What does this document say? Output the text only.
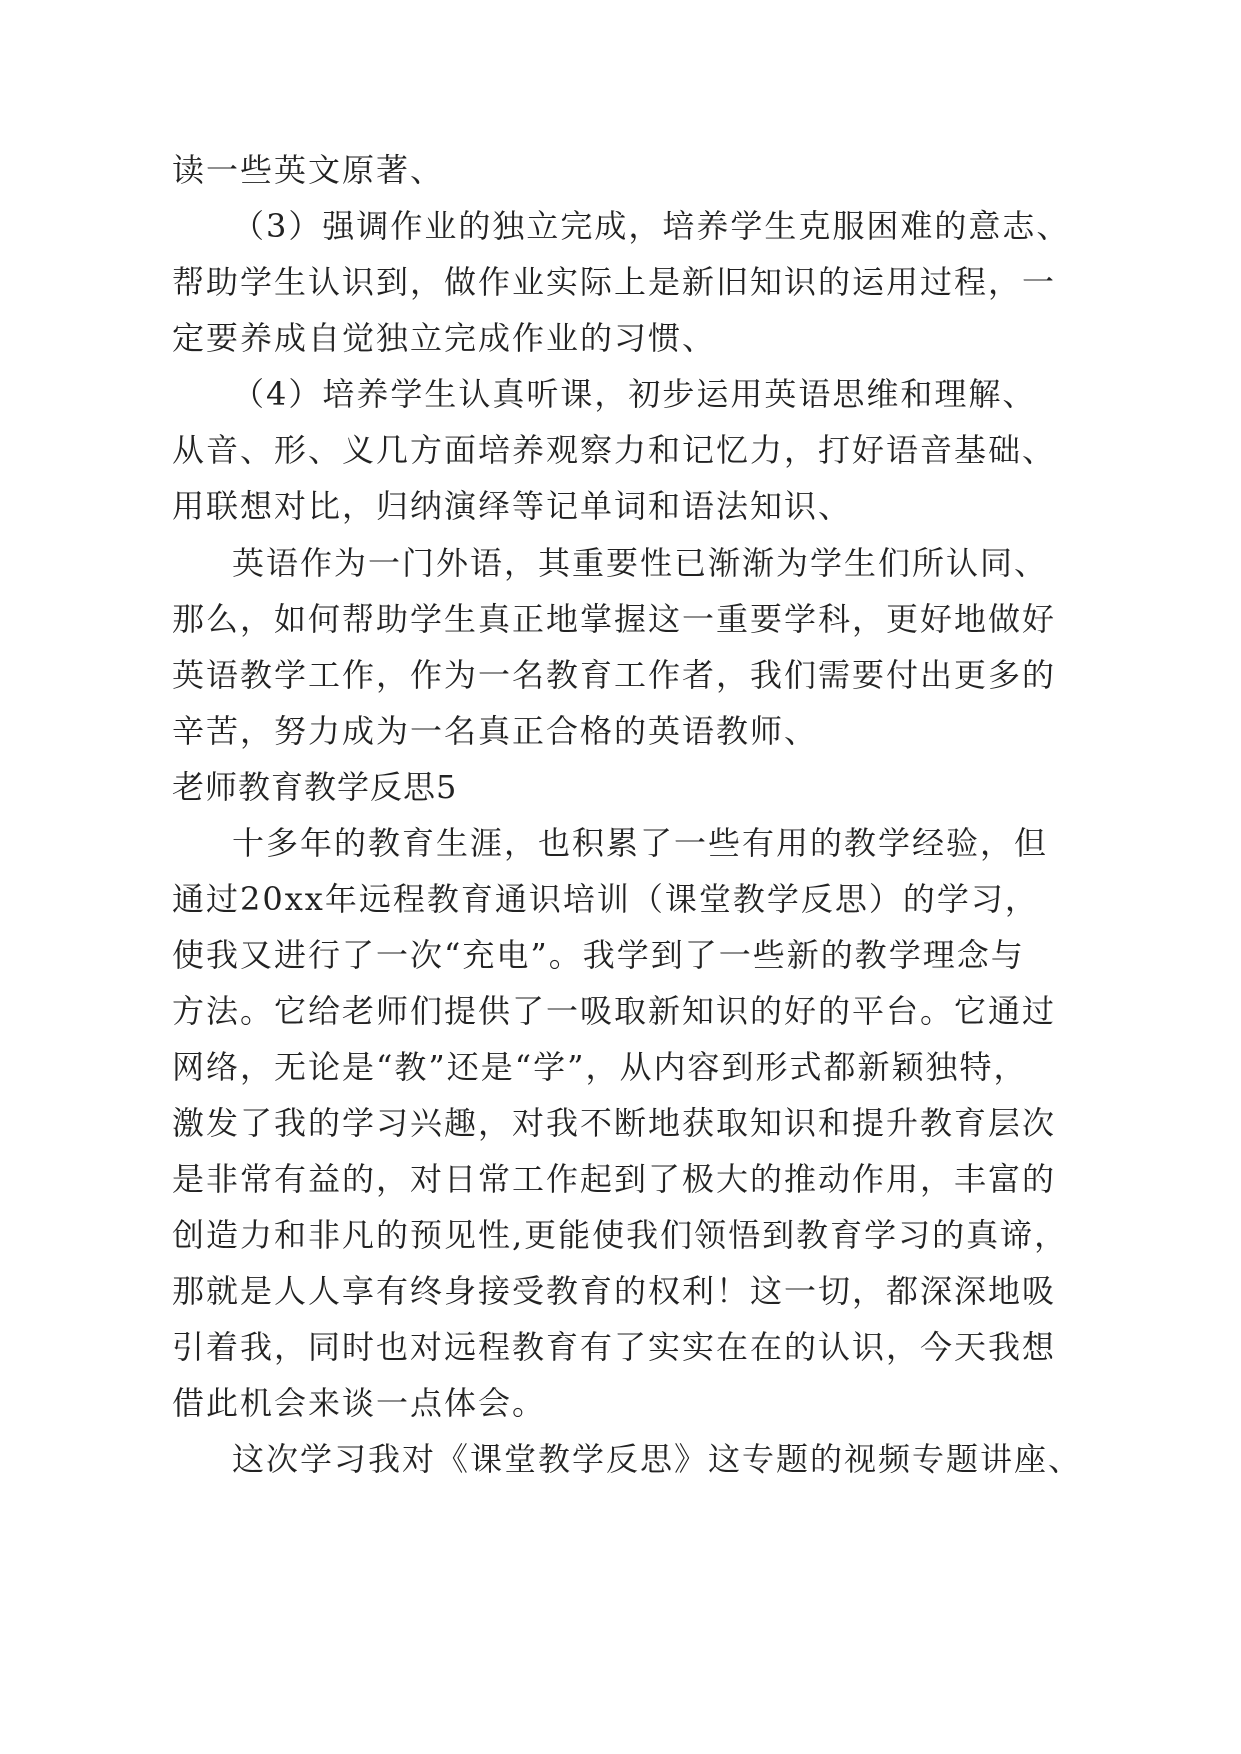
读一些英文原著、
（3）强调作业的独立完成，培养学生克服困难的意志、
帮助学生认识到，做作业实际上是新旧知识的运用过程，一
定要养成自觉独立完成作业的习惯、
（4）培养学生认真听课，初步运用英语思维和理解、
从音、形、义几方面培养观察力和记忆力，打好语音基础、
用联想对比，归纳演绎等记单词和语法知识、
英语作为一门外语，其重要性已渐渐为学生们所认同、
那么，如何帮助学生真正地掌握这一重要学科，更好地做好
英语教学工作，作为一名教育工作者，我们需要付出更多的
辛苦，努力成为一名真正合格的英语教师、
老师教育教学反思5
十多年的教育生涯，也积累了一些有用的教学经验，但
通过20xx年远程教育通识培训（课堂教学反思）的学习，
使我又进行了一次“充电”。我学到了一些新的教学理念与
方法。它给老师们提供了一吸取新知识的好的平台。它通过
网络，无论是“教”还是“学”，从内容到形式都新颖独特，
激发了我的学习兴趣，对我不断地获取知识和提升教育层次
是非常有益的，对日常工作起到了极大的推动作用，丰富的
创造力和非凡的预见性,更能使我们领悟到教育学习的真谛，
那就是人人享有终身接受教育的权利！这一切，都深深地吸
引着我，同时也对远程教育有了实实在在的认识，今天我想
借此机会来谈一点体会。
这次学习我对《课堂教学反思》这专题的视频专题讲座、
